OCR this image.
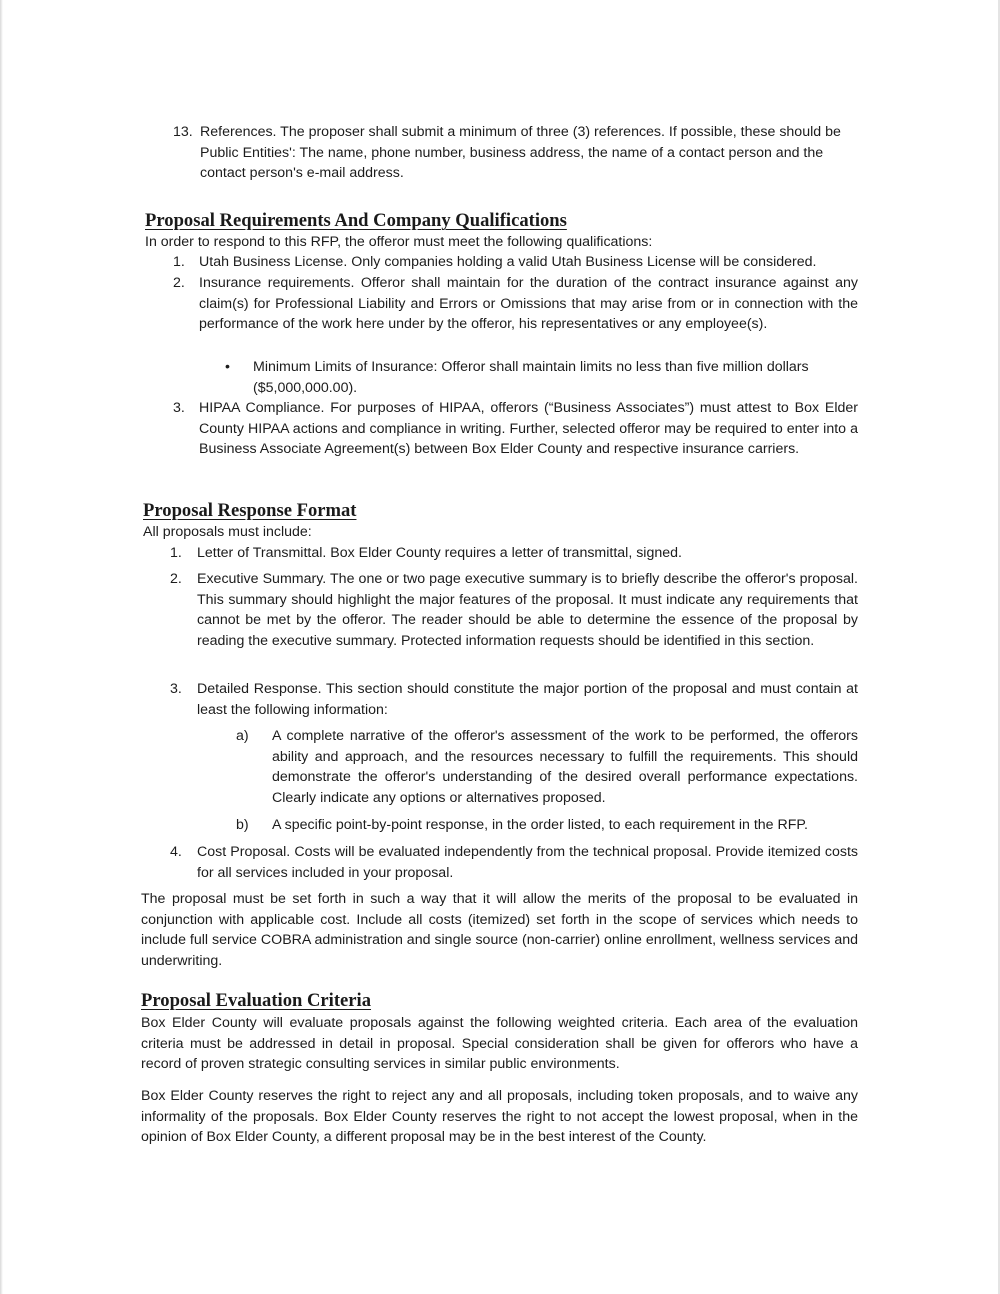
13. References. The proposer shall submit a minimum of three (3) references. If possible, these should be Public Entities': The name, phone number, business address, the name of a contact person and the contact person's e-mail address.
Proposal Requirements And Company Qualifications

In order to respond to this RFP, the offeror must meet the following qualifications:

1. Utah Business License. Only companies holding a valid Utah Business License will be considered.
2. Insurance requirements. Offeror shall maintain for the duration of the contract insurance against any claim(s) for Professional Liability and Errors or Omissions that may arise from or in connection with the performance of the work here under by the offeror, his representatives or any employee(s).
•	Minimum Limits of Insurance: Offeror shall maintain limits no less than five million dollars ($5,000,000.00).
3. HIPAA Compliance. For purposes of HIPAA, offerors (“Business Associates”) must attest to Box Elder County HIPAA actions and compliance in writing. Further, selected offeror may be required to enter into a Business Associate Agreement(s) between Box Elder County and respective insurance carriers.
Proposal Response Format

All proposals must include:

1.	Letter of Transmittal. Box Elder County requires a letter of transmittal, signed.
2.	Executive Summary. The one or two page executive summary is to briefly describe the offeror's proposal. This summary should highlight the major features of the proposal. It must indicate any requirements that cannot be met by the offeror. The reader should be able to determine the essence of the proposal by reading the executive summary. Protected information requests should be identified in this section.
3.	Detailed Response. This section should constitute the major portion of the proposal and must contain at least the following information:
a)	A complete narrative of the offeror's assessment of the work to be performed, the offerors ability and approach, and the resources necessary to fulfill the requirements. This should demonstrate the offeror's understanding of the desired overall performance expectations. Clearly indicate any options or alternatives proposed.
b)	A specific point-by-point response, in the order listed, to each requirement in the RFP.
4.	Cost Proposal. Costs will be evaluated independently from the technical proposal. Provide itemized costs for all services included in your proposal.

The proposal must be set forth in such a way that it will allow the merits of the proposal to be evaluated in conjunction with applicable cost. Include all costs (itemized) set forth in the scope of services which needs to include full service COBRA administration and single source (non-carrier) online enrollment, wellness services and underwriting.

Proposal Evaluation Criteria

Box Elder County will evaluate proposals against the following weighted criteria. Each area of the evaluation criteria must be addressed in detail in proposal. Special consideration shall be given for offerors who have a record of proven strategic consulting services in similar public environments.

Box Elder County reserves the right to reject any and all proposals, including token proposals, and to waive any informality of the proposals. Box Elder County reserves the right to not accept the lowest proposal, when in the opinion of Box Elder County, a different proposal may be in the best interest of the County.
